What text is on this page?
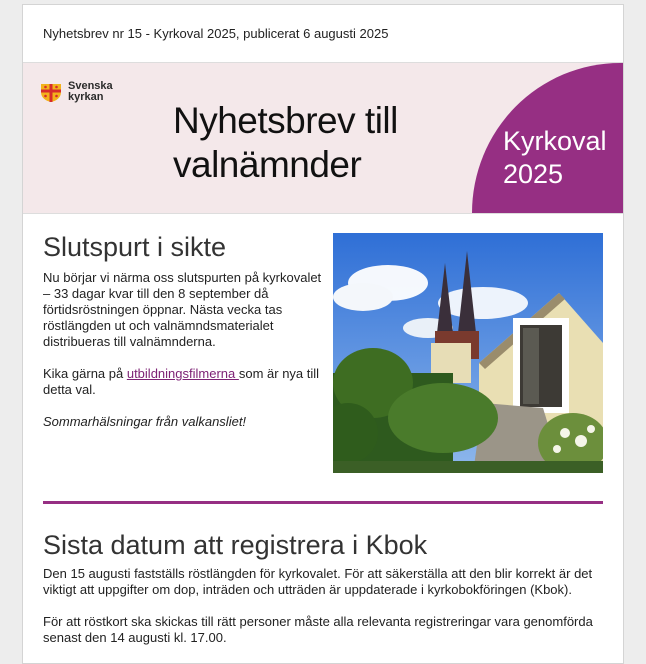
Nyhetsbrev nr 15 - Kyrkoval 2025, publicerat 6 augusti 2025
Svenska
kyrkan
Nyhetsbrev till
valnämnder
Kyrkoval
2025
Slutspurt i sikte

Nu börjar vi närma oss slutspurten på kyrkovalet – 33 dagar kvar till den 8 september då förtidsröstningen öppnar. Nästa vecka tas röstlängden ut och valnämndsmaterialet distribueras till valnämnderna.

Kika gärna på utbildningsfilmerna som är nya till detta val.

Sommarhälsningar från valkansliet!

Sista datum att registrera i Kbok

Den 15 augusti fastställs röstlängden för kyrkovalet. För att säkerställa att den blir korrekt är det viktigt att uppgifter om dop, inträden och utträden är uppdaterade i kyrkobokföringen (Kbok).

För att röstkort ska skickas till rätt personer måste alla relevanta registreringar vara genomförda senast den 14 augusti kl. 17.00.
